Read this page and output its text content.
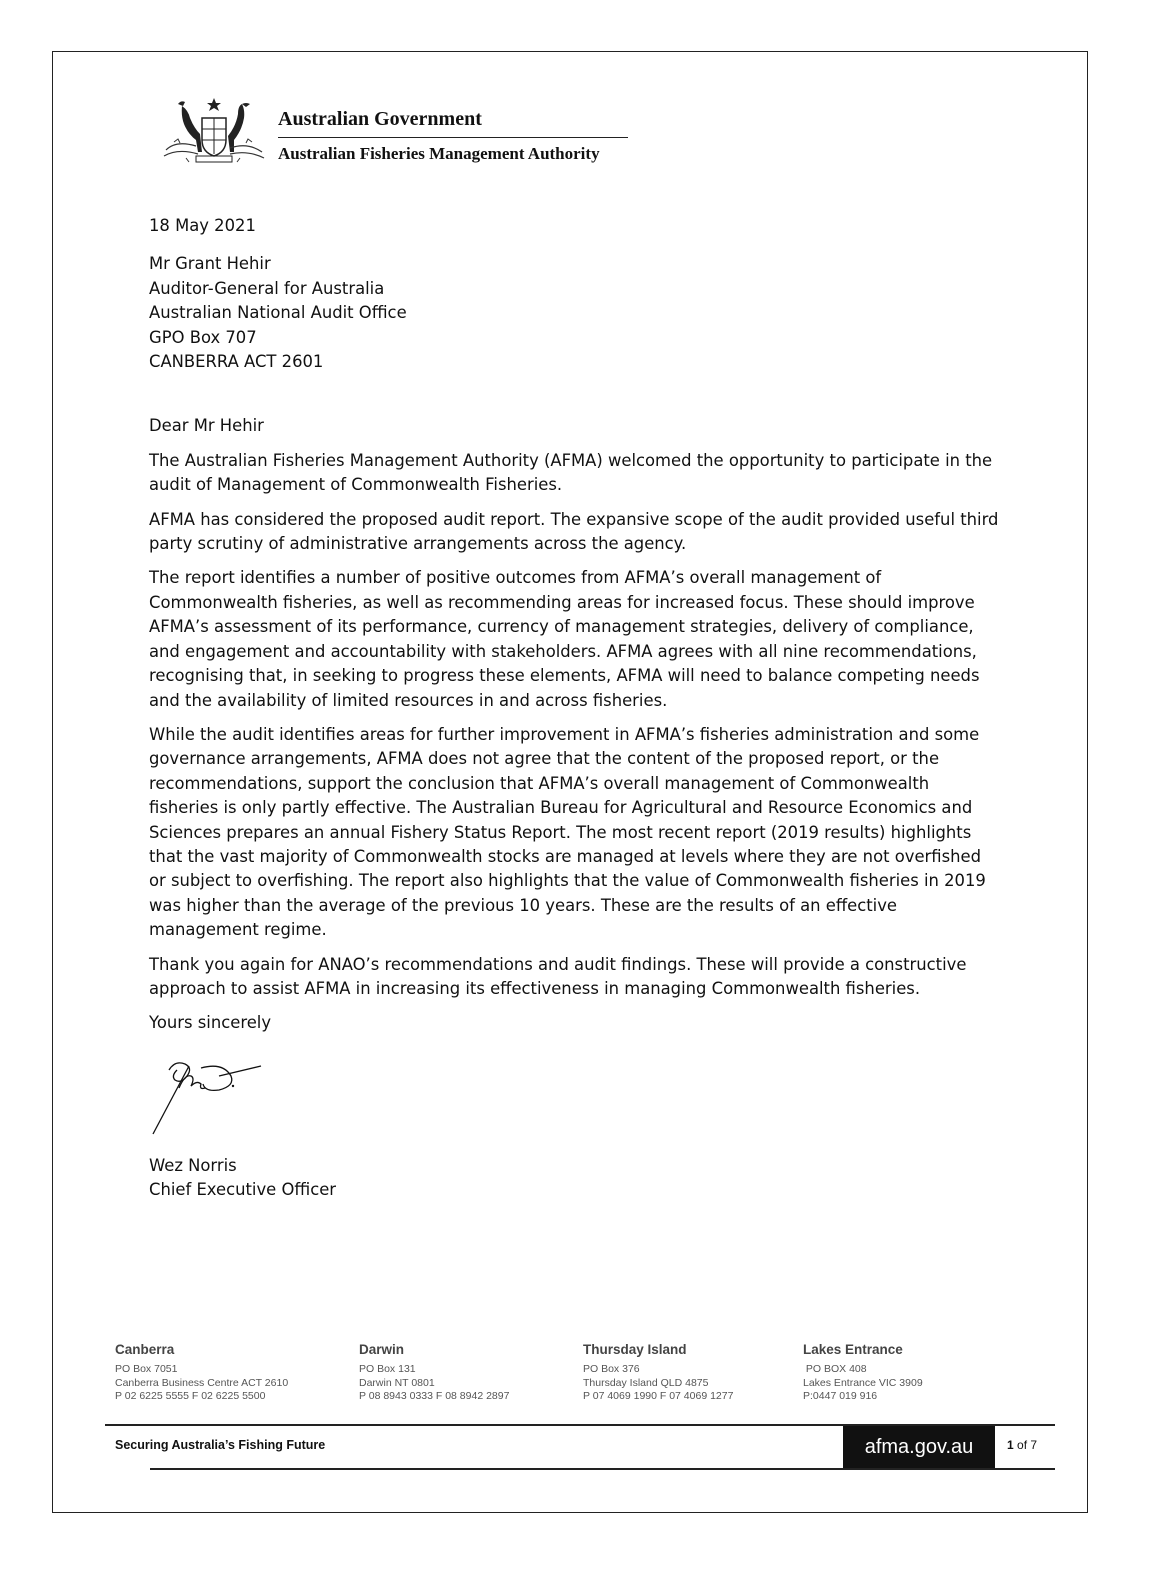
Australian Government
Australian Fisheries Management Authority
18 May 2021
Mr Grant Hehir
Auditor-General for Australia
Australian National Audit Office
GPO Box 707
CANBERRA ACT 2601

Dear Mr Hehir

The Australian Fisheries Management Authority (AFMA) welcomed the opportunity to participate in the audit of Management of Commonwealth Fisheries.

AFMA has considered the proposed audit report. The expansive scope of the audit provided useful third party scrutiny of administrative arrangements across the agency.

The report identifies a number of positive outcomes from AFMA’s overall management of Commonwealth fisheries, as well as recommending areas for increased focus. These should improve AFMA’s assessment of its performance, currency of management strategies, delivery of compliance, and engagement and accountability with stakeholders. AFMA agrees with all nine recommendations, recognising that, in seeking to progress these elements, AFMA will need to balance competing needs and the availability of limited resources in and across fisheries.

While the audit identifies areas for further improvement in AFMA’s fisheries administration and some governance arrangements, AFMA does not agree that the content of the proposed report, or the recommendations, support the conclusion that AFMA’s overall management of Commonwealth fisheries is only partly effective. The Australian Bureau for Agricultural and Resource Economics and Sciences prepares an annual Fishery Status Report. The most recent report (2019 results) highlights that the vast majority of Commonwealth stocks are managed at levels where they are not overfished or subject to overfishing. The report also highlights that the value of Commonwealth fisheries in 2019 was higher than the average of the previous 10 years. These are the results of an effective management regime.

Thank you again for ANAO’s recommendations and audit findings. These will provide a constructive approach to assist AFMA in increasing its effectiveness in managing Commonwealth fisheries.

Yours sincerely

Wez Norris
Chief Executive Officer
Canberra
PO Box 7051
Canberra Business Centre ACT 2610
P 02 6225 5555 F 02 6225 5500
Darwin
PO Box 131
Darwin NT 0801
P 08 8943 0333 F 08 8942 2897
Thursday Island
PO Box 376
Thursday Island QLD 4875
P 07 4069 1990 F 07 4069 1277
Lakes Entrance
PO BOX 408
Lakes Entrance VIC 3909
P:0447 019 916
Securing Australia’s Fishing Future	afma.gov.au	1 of 7
